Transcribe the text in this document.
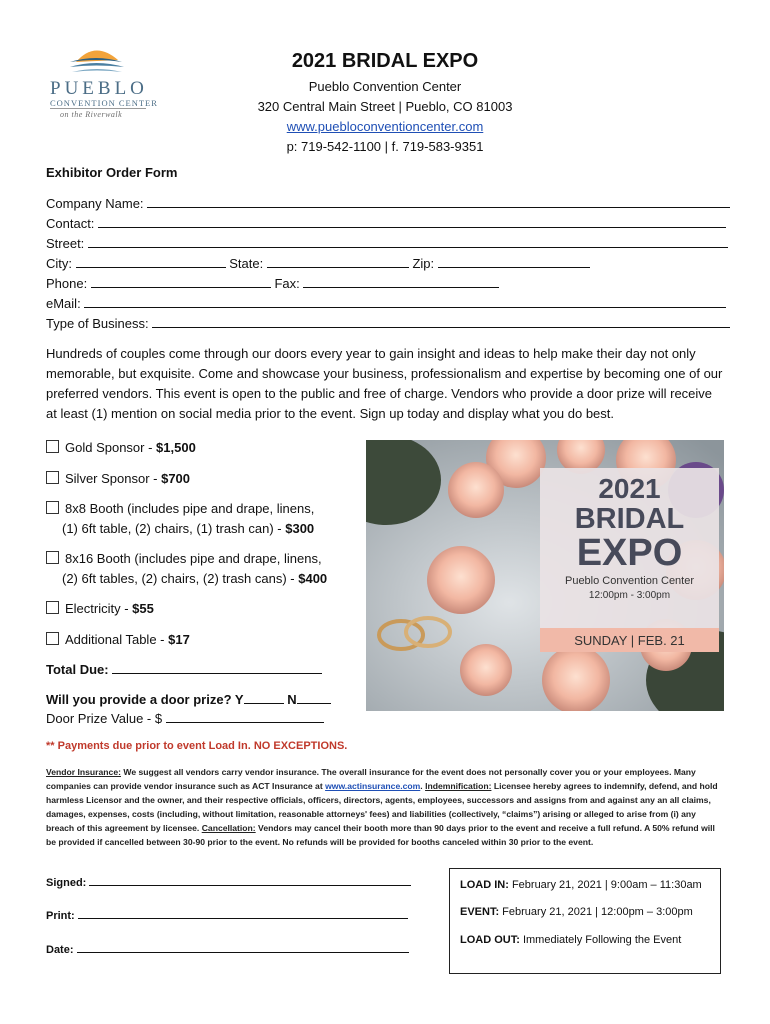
PUEBLO
CONVENTION CENTER
on the Riverwalk
2021 BRIDAL EXPO
Pueblo Convention Center
320 Central Main Street | Pueblo, CO 81003
www.puebloconventioncenter.com
p: 719-542-1100 | f. 719-583-9351
Exhibitor Order Form
Company Name:
Contact:
Street:
City:	State:	Zip:
Phone:	Fax:
eMail:
Type of Business:
Hundreds of couples come through our doors every year to gain insight and ideas to help make their day not only memorable, but exquisite. Come and showcase your business, professionalism and expertise by becoming one of our preferred vendors. This event is open to the public and free of charge. Vendors who provide a door prize will receive at least (1) mention on social media prior to the event. Sign up today and display what you do best.
Gold Sponsor - $1,500
Silver Sponsor - $700
8x8 Booth (includes pipe and drape, linens,
(1) 6ft table, (2) chairs, (1) trash can) - $300
8x16 Booth (includes pipe and drape, linens,
(2) 6ft tables, (2) chairs, (2) trash cans) - $400
Electricity - $55
Additional Table - $17
Total Due:
Will you provide a door prize? Y	N
Door Prize Value - $
2021
BRIDAL
EXPO
Pueblo Convention Center
12:00pm - 3:00pm
SUNDAY | FEB. 21
** Payments due prior to event Load In. NO EXCEPTIONS.
Vendor Insurance: We suggest all vendors carry vendor insurance. The overall insurance for the event does not personally cover you or your employees. Many companies can provide vendor insurance such as ACT Insurance at www.actinsurance.com. Indemnification: Licensee hereby agrees to indemnify, defend, and hold harmless Licensor and the owner, and their respective officials, officers, directors, agents, employees, successors and assigns from and against any an all claims, damages, expenses, costs (including, without limitation, reasonable attorneys' fees) and liabilities (collectively, “claims”) arising or alleged to arise from (i) any breach of this agreement by licensee. Cancellation: Vendors may cancel their booth more than 90 days prior to the event and receive a full refund. A 50% refund will be provided if cancelled between 30-90 prior to the event. No refunds will be provided for booths canceled within 30 prior to the event.
Signed:
Print:
Date:
LOAD IN: February 21, 2021 | 9:00am – 11:30am
EVENT: February 21, 2021 | 12:00pm – 3:00pm
LOAD OUT: Immediately Following the Event
